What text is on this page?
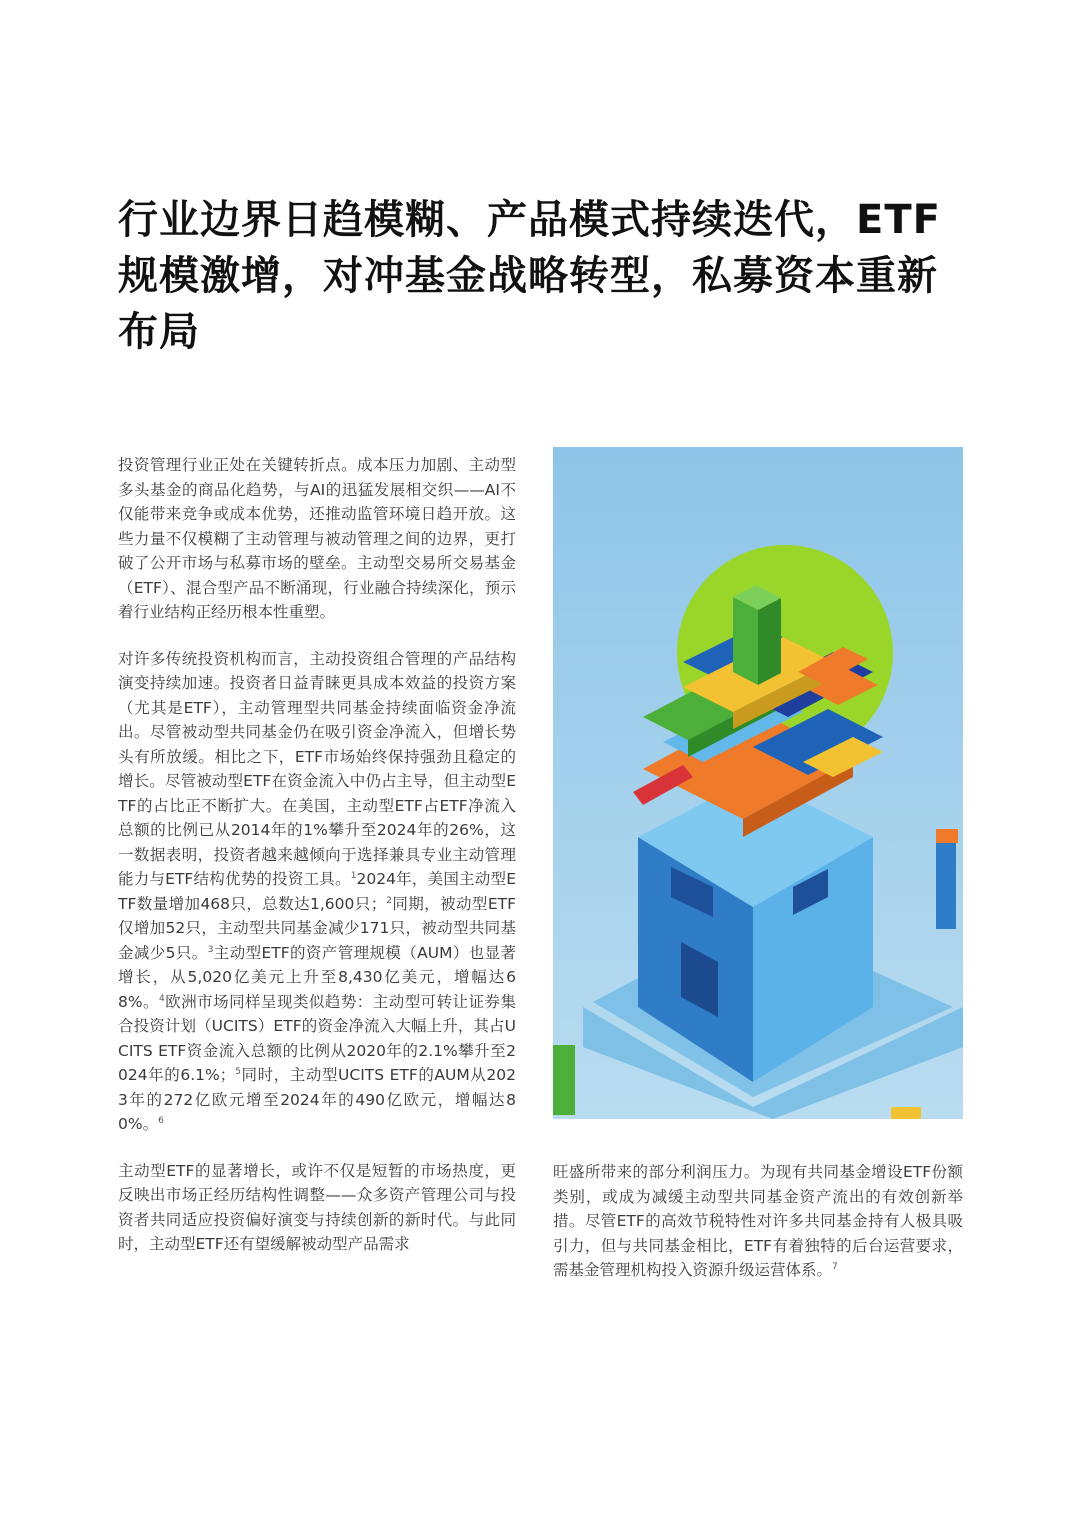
行业边界日趋模糊、产品模式持续迭代，ETF规模激增，对冲基金战略转型，私募资本重新布局

投资管理行业正处在关键转折点。成本压力加剧、主动型多头基金的商品化趋势，与AI的迅猛发展相交织——AI不仅能带来竞争或成本优势，还推动监管环境日趋开放。这些力量不仅模糊了主动管理与被动管理之间的边界，更打破了公开市场与私募市场的壁垒。主动型交易所交易基金（ETF）、混合型产品不断涌现，行业融合持续深化，预示着行业结构正经历根本性重塑。

对许多传统投资机构而言，主动投资组合管理的产品结构演变持续加速。投资者日益青睐更具成本效益的投资方案（尤其是ETF），主动管理型共同基金持续面临资金净流出。尽管被动型共同基金仍在吸引资金净流入，但增长势头有所放缓。相比之下，ETF市场始终保持强劲且稳定的增长。尽管被动型ETF在资金流入中仍占主导，但主动型ETF的占比正不断扩大。在美国，主动型ETF占ETF净流入总额的比例已从2014年的1%攀升至2024年的26%，这一数据表明，投资者越来越倾向于选择兼具专业主动管理能力与ETF结构优势的投资工具。$^1$2024年，美国主动型ETF数量增加468只，总数达1,600只；$^2$同期，被动型ETF仅增加52只，主动型共同基金减少171只，被动型共同基金减少5只。$^3$主动型ETF的资产管理规模（AUM）也显著增长，从5,020亿美元上升至8,430亿美元，增幅达68%。$^4$欧洲市场同样呈现类似趋势：主动型可转让证券集合投资计划（UCITS）ETF的资金净流入大幅上升，其占UCITS ETF资金流入总额的比例从2020年的2.1%攀升至2024年的6.1%；$^5$同时，主动型UCITS ETF的AUM从2023年的272亿欧元增至2024年的490亿欧元，增幅达80%。$^6$

主动型ETF的显著增长，或许不仅是短暂的市场热度，更反映出市场正经历结构性调整——众多资产管理公司与投资者共同适应投资偏好演变与持续创新的新时代。与此同时，主动型ETF还有望缓解被动型产品需求

旺盛所带来的部分利润压力。为现有共同基金增设ETF份额类别，或成为减缓主动型共同基金资产流出的有效创新举措。尽管ETF的高效节税特性对许多共同基金持有人极具吸引力，但与共同基金相比，ETF有着独特的后台运营要求，需基金管理机构投入资源升级运营体系。$^7$
